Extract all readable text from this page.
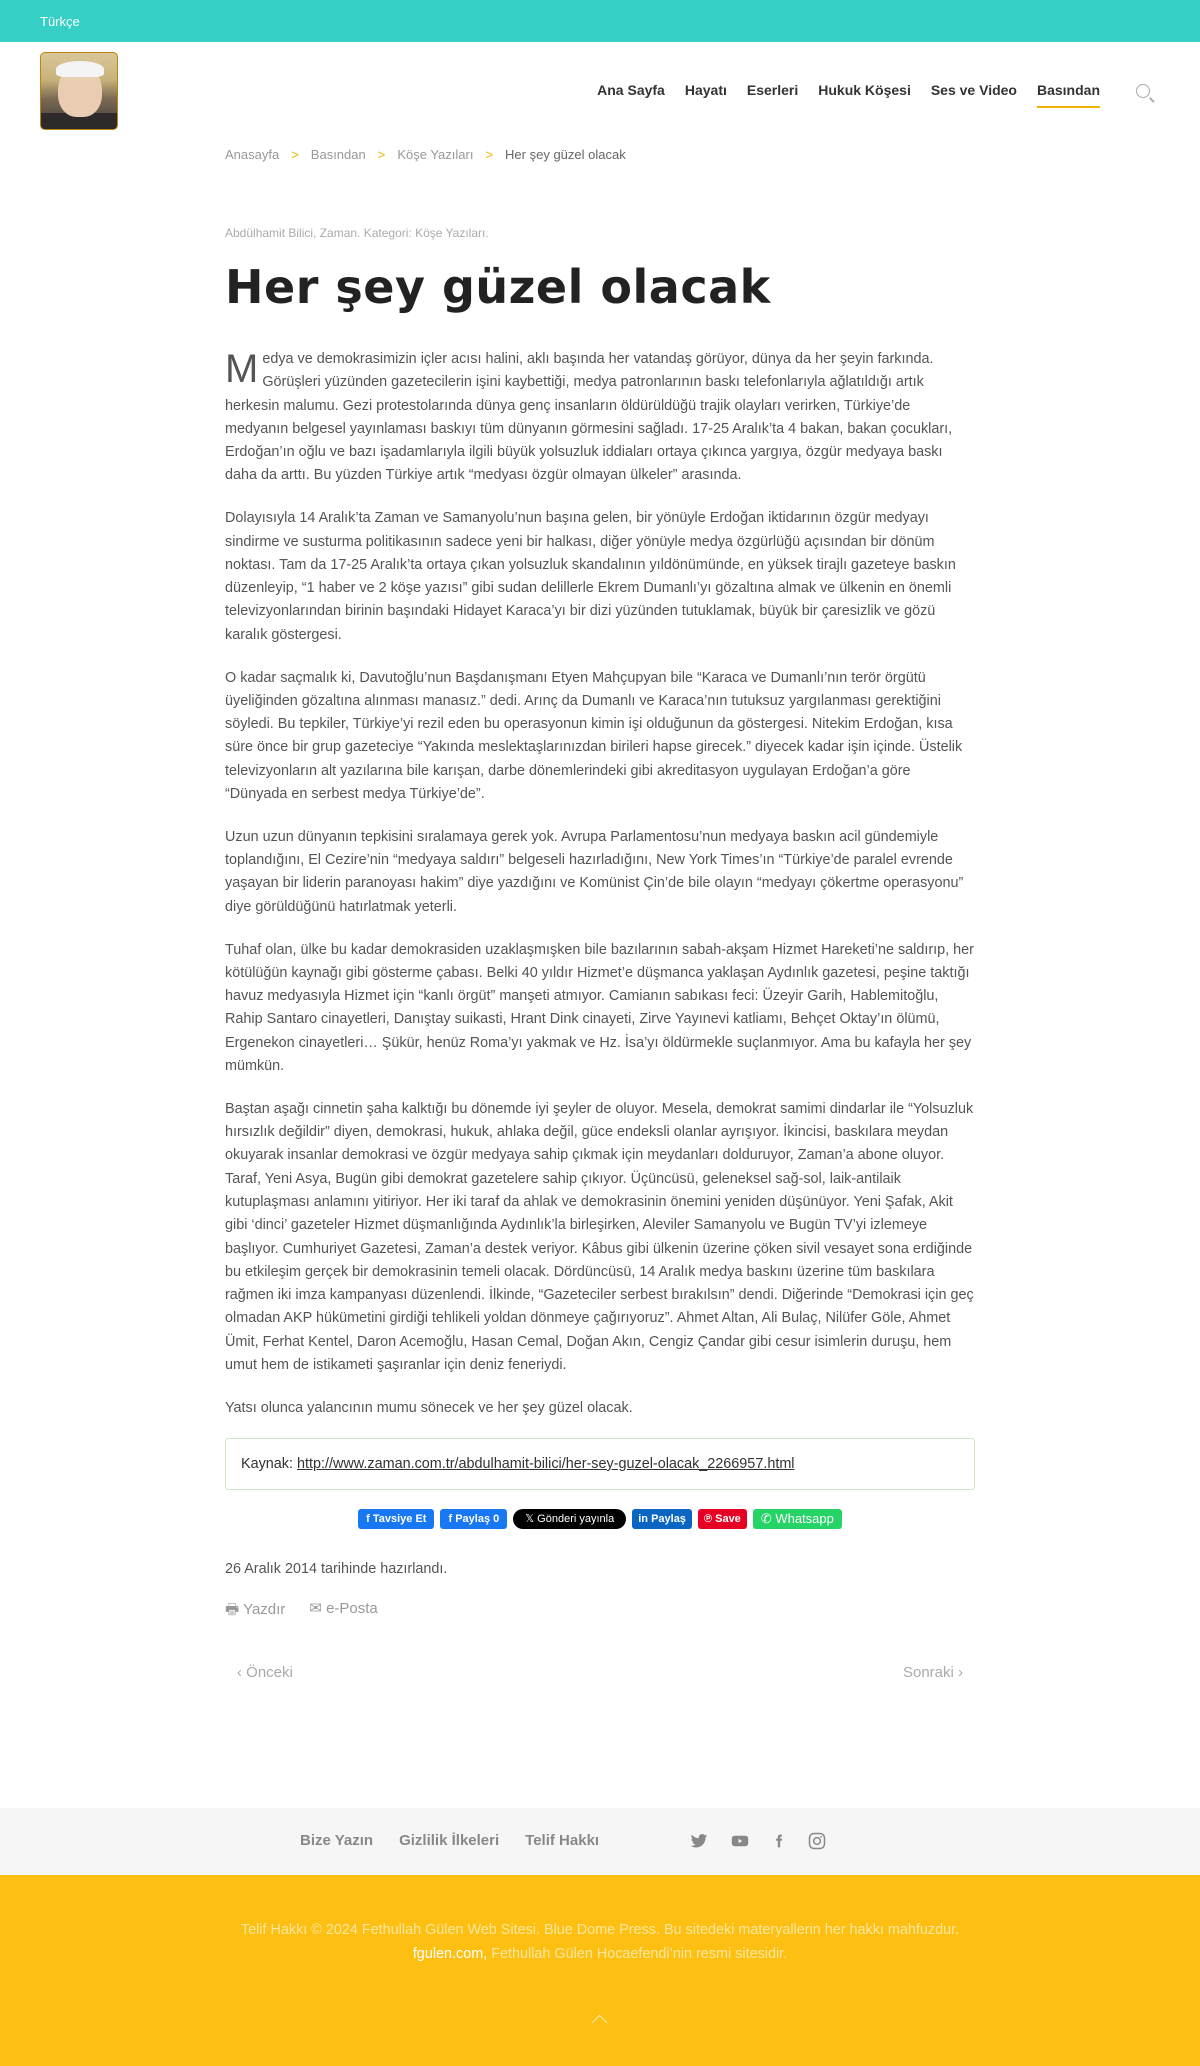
Türkçe
Ana Sayfa Hayatı Eserleri Hukuk Köşesi Ses ve Video Basından
Anasayfa > Basından > Köşe Yazıları > Her şey güzel olacak
Abdülhamit Bilici, Zaman. Kategori: Köşe Yazıları.
Her şey güzel olacak

Medya ve demokrasimizin içler acısı halini, aklı başında her vatandaş görüyor, dünya da her şeyin farkında. Görüşleri yüzünden gazetecilerin işini kaybettiği, medya patronlarının baskı telefonlarıyla ağlatıldığı artık herkesin malumu. Gezi protestolarında dünya genç insanların öldürüldüğü trajik olayları verirken, Türkiye’de medyanın belgesel yayınlaması baskıyı tüm dünyanın görmesini sağladı. 17-25 Aralık’ta 4 bakan, bakan çocukları, Erdoğan’ın oğlu ve bazı işadamlarıyla ilgili büyük yolsuzluk iddiaları ortaya çıkınca yargıya, özgür medyaya baskı daha da arttı. Bu yüzden Türkiye artık “medyası özgür olmayan ülkeler” arasında.

Dolayısıyla 14 Aralık’ta Zaman ve Samanyolu’nun başına gelen, bir yönüyle Erdoğan iktidarının özgür medyayı sindirme ve susturma politikasının sadece yeni bir halkası, diğer yönüyle medya özgürlüğü açısından bir dönüm noktası. Tam da 17-25 Aralık’ta ortaya çıkan yolsuzluk skandalının yıldönümünde, en yüksek tirajlı gazeteye baskın düzenleyip, “1 haber ve 2 köşe yazısı” gibi sudan delillerle Ekrem Dumanlı’yı gözaltına almak ve ülkenin en önemli televizyonlarından birinin başındaki Hidayet Karaca’yı bir dizi yüzünden tutuklamak, büyük bir çaresizlik ve gözü karalık göstergesi.

O kadar saçmalık ki, Davutoğlu’nun Başdanışmanı Etyen Mahçupyan bile “Karaca ve Dumanlı’nın terör örgütü üyeliğinden gözaltına alınması manasız.” dedi. Arınç da Dumanlı ve Karaca’nın tutuksuz yargılanması gerektiğini söyledi. Bu tepkiler, Türkiye’yi rezil eden bu operasyonun kimin işi olduğunun da göstergesi. Nitekim Erdoğan, kısa süre önce bir grup gazeteciye “Yakında meslektaşlarınızdan birileri hapse girecek.” diyecek kadar işin içinde. Üstelik televizyonların alt yazılarına bile karışan, darbe dönemlerindeki gibi akreditasyon uygulayan Erdoğan’a göre “Dünyada en serbest medya Türkiye’de”.

Uzun uzun dünyanın tepkisini sıralamaya gerek yok. Avrupa Parlamentosu’nun medyaya baskın acil gündemiyle toplandığını, El Cezire’nin “medyaya saldırı” belgeseli hazırladığını, New York Times’ın “Türkiye’de paralel evrende yaşayan bir liderin paranoyası hakim” diye yazdığını ve Komünist Çin’de bile olayın “medyayı çökertme operasyonu” diye görüldüğünü hatırlatmak yeterli.

Tuhaf olan, ülke bu kadar demokrasiden uzaklaşmışken bile bazılarının sabah-akşam Hizmet Hareketi’ne saldırıp, her kötülüğün kaynağı gibi gösterme çabası. Belki 40 yıldır Hizmet’e düşmanca yaklaşan Aydınlık gazetesi, peşine taktığı havuz medyasıyla Hizmet için “kanlı örgüt” manşeti atmıyor. Camianın sabıkası feci: Üzeyir Garih, Hablemitoğlu, Rahip Santaro cinayetleri, Danıştay suikasti, Hrant Dink cinayeti, Zirve Yayınevi katliamı, Behçet Oktay’ın ölümü, Ergenekon cinayetleri… Şükür, henüz Roma’yı yakmak ve Hz. İsa’yı öldürmekle suçlanmıyor. Ama bu kafayla her şey mümkün.

Baştan aşağı cinnetin şaha kalktığı bu dönemde iyi şeyler de oluyor. Mesela, demokrat samimi dindarlar ile “Yolsuzluk hırsızlık değildir” diyen, demokrasi, hukuk, ahlaka değil, güce endeksli olanlar ayrışıyor. İkincisi, baskılara meydan okuyarak insanlar demokrasi ve özgür medyaya sahip çıkmak için meydanları dolduruyor, Zaman’a abone oluyor. Taraf, Yeni Asya, Bugün gibi demokrat gazetelere sahip çıkıyor. Üçüncüsü, geleneksel sağ-sol, laik-antilaik kutuplaşması anlamını yitiriyor. Her iki taraf da ahlak ve demokrasinin önemini yeniden düşünüyor. Yeni Şafak, Akit gibi ‘dinci’ gazeteler Hizmet düşmanlığında Aydınlık’la birleşirken, Aleviler Samanyolu ve Bugün TV’yi izlemeye başlıyor. Cumhuriyet Gazetesi, Zaman’a destek veriyor. Kâbus gibi ülkenin üzerine çöken sivil vesayet sona erdiğinde bu etkileşim gerçek bir demokrasinin temeli olacak. Dördüncüsü, 14 Aralık medya baskını üzerine tüm baskılara rağmen iki imza kampanyası düzenlendi. İlkinde, “Gazeteciler serbest bırakılsın” dendi. Diğerinde “Demokrasi için geç olmadan AKP hükümetini girdiği tehlikeli yoldan dönmeye çağırıyoruz”. Ahmet Altan, Ali Bulaç, Nilüfer Göle, Ahmet Ümit, Ferhat Kentel, Daron Acemoğlu, Hasan Cemal, Doğan Akın, Cengiz Çandar gibi cesur isimlerin duruşu, hem umut hem de istikameti şaşıranlar için deniz feneriydi.

Yatsı olunca yalancının mumu sönecek ve her şey güzel olacak.

Kaynak: http://www.zaman.com.tr/abdulhamit-bilici/her-sey-guzel-olacak_2266957.html
f Tavsiye Et f Paylaş 0 𝕏 Gönderi yayınla in Paylaş ℗ Save ✆ Whatsapp
26 Aralık 2014 tarihinde hazırlandı.
🖶 Yazdır ✉ e-Posta
‹ Önceki	Sonraki ›
Bize Yazın Gizlilik İlkeleri Telif Hakkı
Telif Hakkı © 2024 Fethullah Gülen Web Sitesi. Blue Dome Press. Bu sitedeki materyallerin her hakkı mahfuzdur.
fgulen.com, Fethullah Gülen Hocaefendi’nin resmi sitesidir.
